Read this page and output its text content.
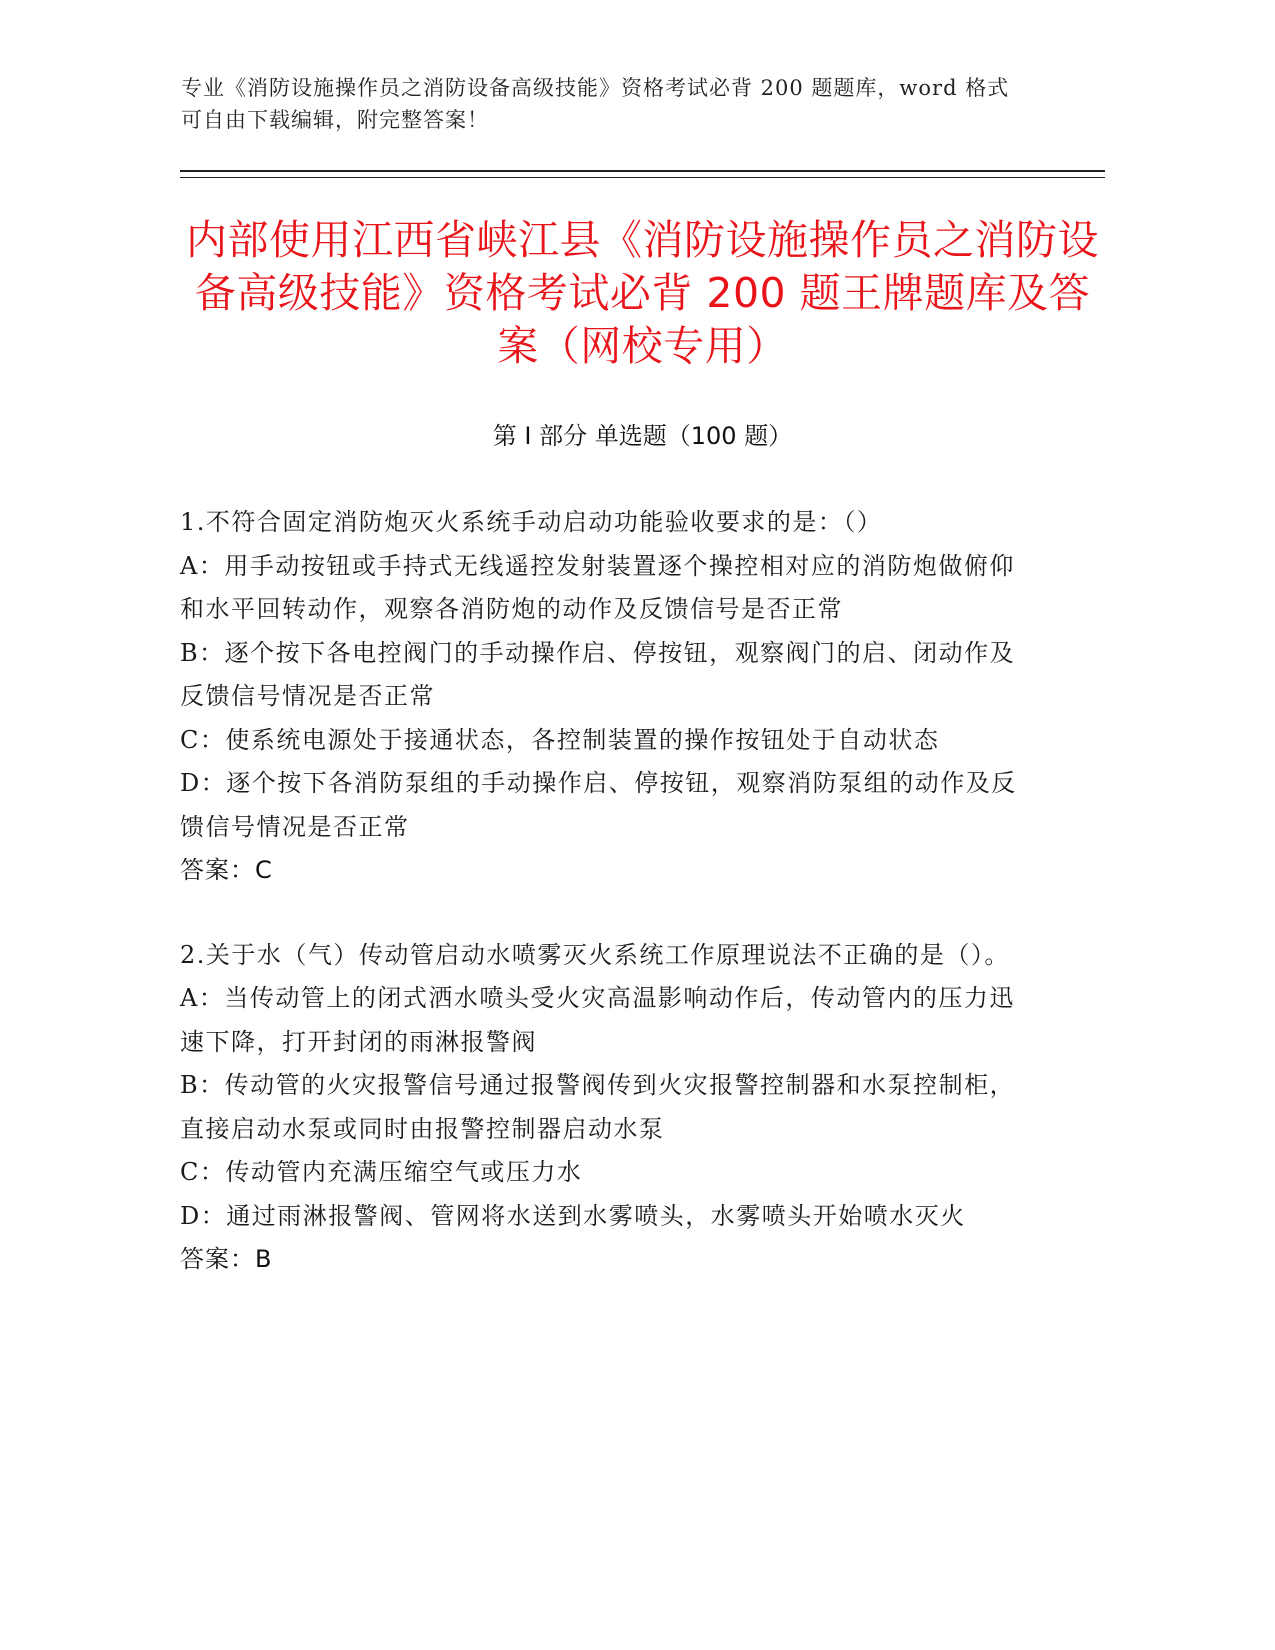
专业《消防设施操作员之消防设备高级技能》资格考试必背 200 题题库，word 格式可自由下载编辑，附完整答案！
内部使用江西省峡江县《消防设施操作员之消防设备高级技能》资格考试必背 200 题王牌题库及答案（网校专用）
第 I 部分 单选题（100 题）

1.不符合固定消防炮灭火系统手动启动功能验收要求的是：（）

A：用手动按钮或手持式无线遥控发射装置逐个操控相对应的消防炮做俯仰和水平回转动作，观察各消防炮的动作及反馈信号是否正常

B：逐个按下各电控阀门的手动操作启、停按钮，观察阀门的启、闭动作及反馈信号情况是否正常

C：使系统电源处于接通状态，各控制装置的操作按钮处于自动状态

D：逐个按下各消防泵组的手动操作启、停按钮，观察消防泵组的动作及反馈信号情况是否正常

答案：C

2.关于水（气）传动管启动水喷雾灭火系统工作原理说法不正确的是（）。

A：当传动管上的闭式洒水喷头受火灾高温影响动作后，传动管内的压力迅速下降，打开封闭的雨淋报警阀

B：传动管的火灾报警信号通过报警阀传到火灾报警控制器和水泵控制柜，直接启动水泵或同时由报警控制器启动水泵

C：传动管内充满压缩空气或压力水

D：通过雨淋报警阀、管网将水送到水雾喷头，水雾喷头开始喷水灭火

答案：B
